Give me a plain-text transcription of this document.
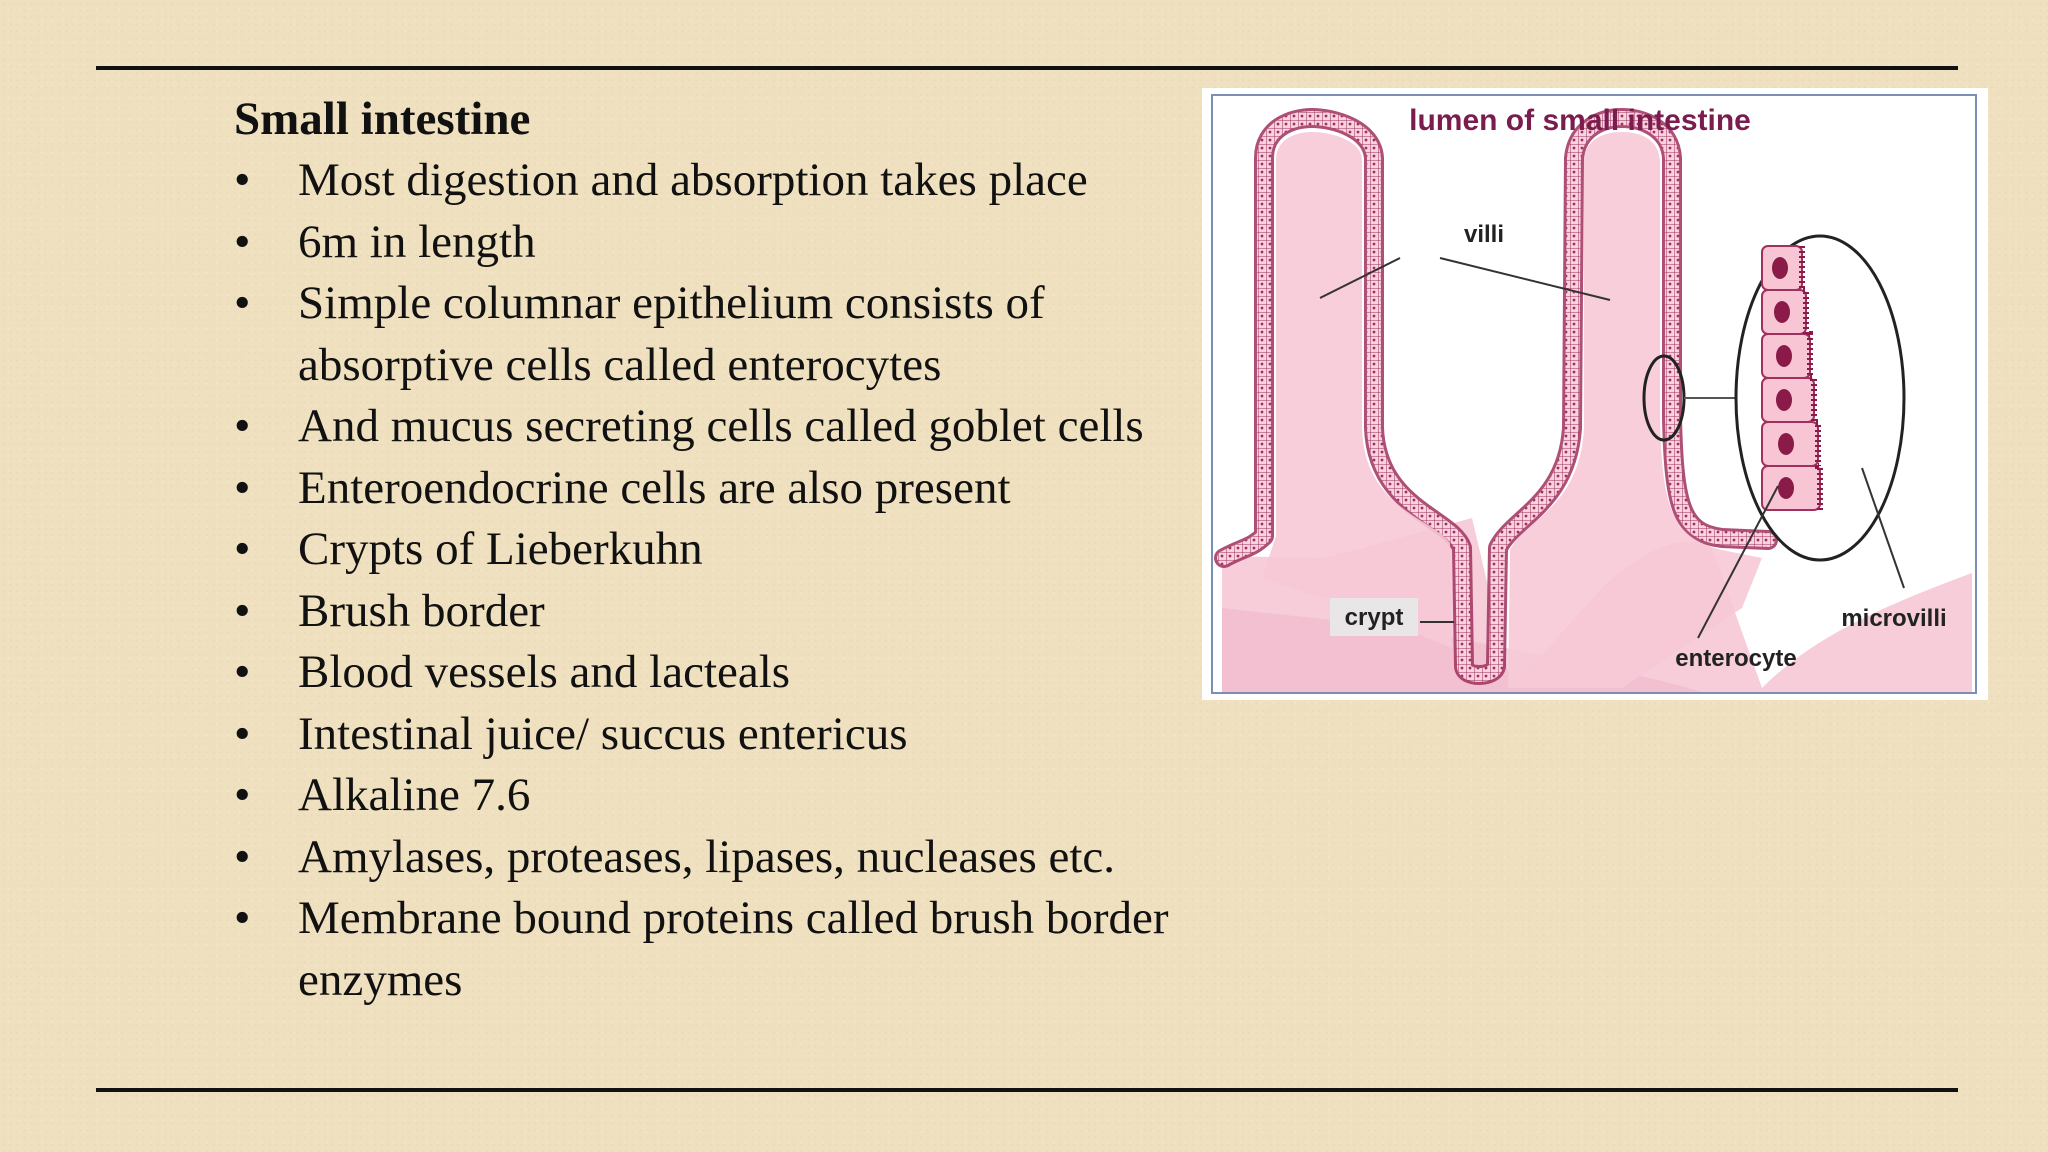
Small intestine
• Most digestion and absorption takes place
• 6m in length
• Simple columnar epithelium consists of absorptive cells called enterocytes
• And mucus secreting cells called goblet cells
• Enteroendocrine cells are also present
• Crypts of Lieberkuhn
• Brush border
• Blood vessels and lacteals
• Intestinal juice/ succus entericus
• Alkaline 7.6
• Amylases, proteases, lipases, nucleases etc.
• Membrane bound proteins called brush border enzymes
lumen of small intestine
villi
crypt
enterocyte
microvilli
